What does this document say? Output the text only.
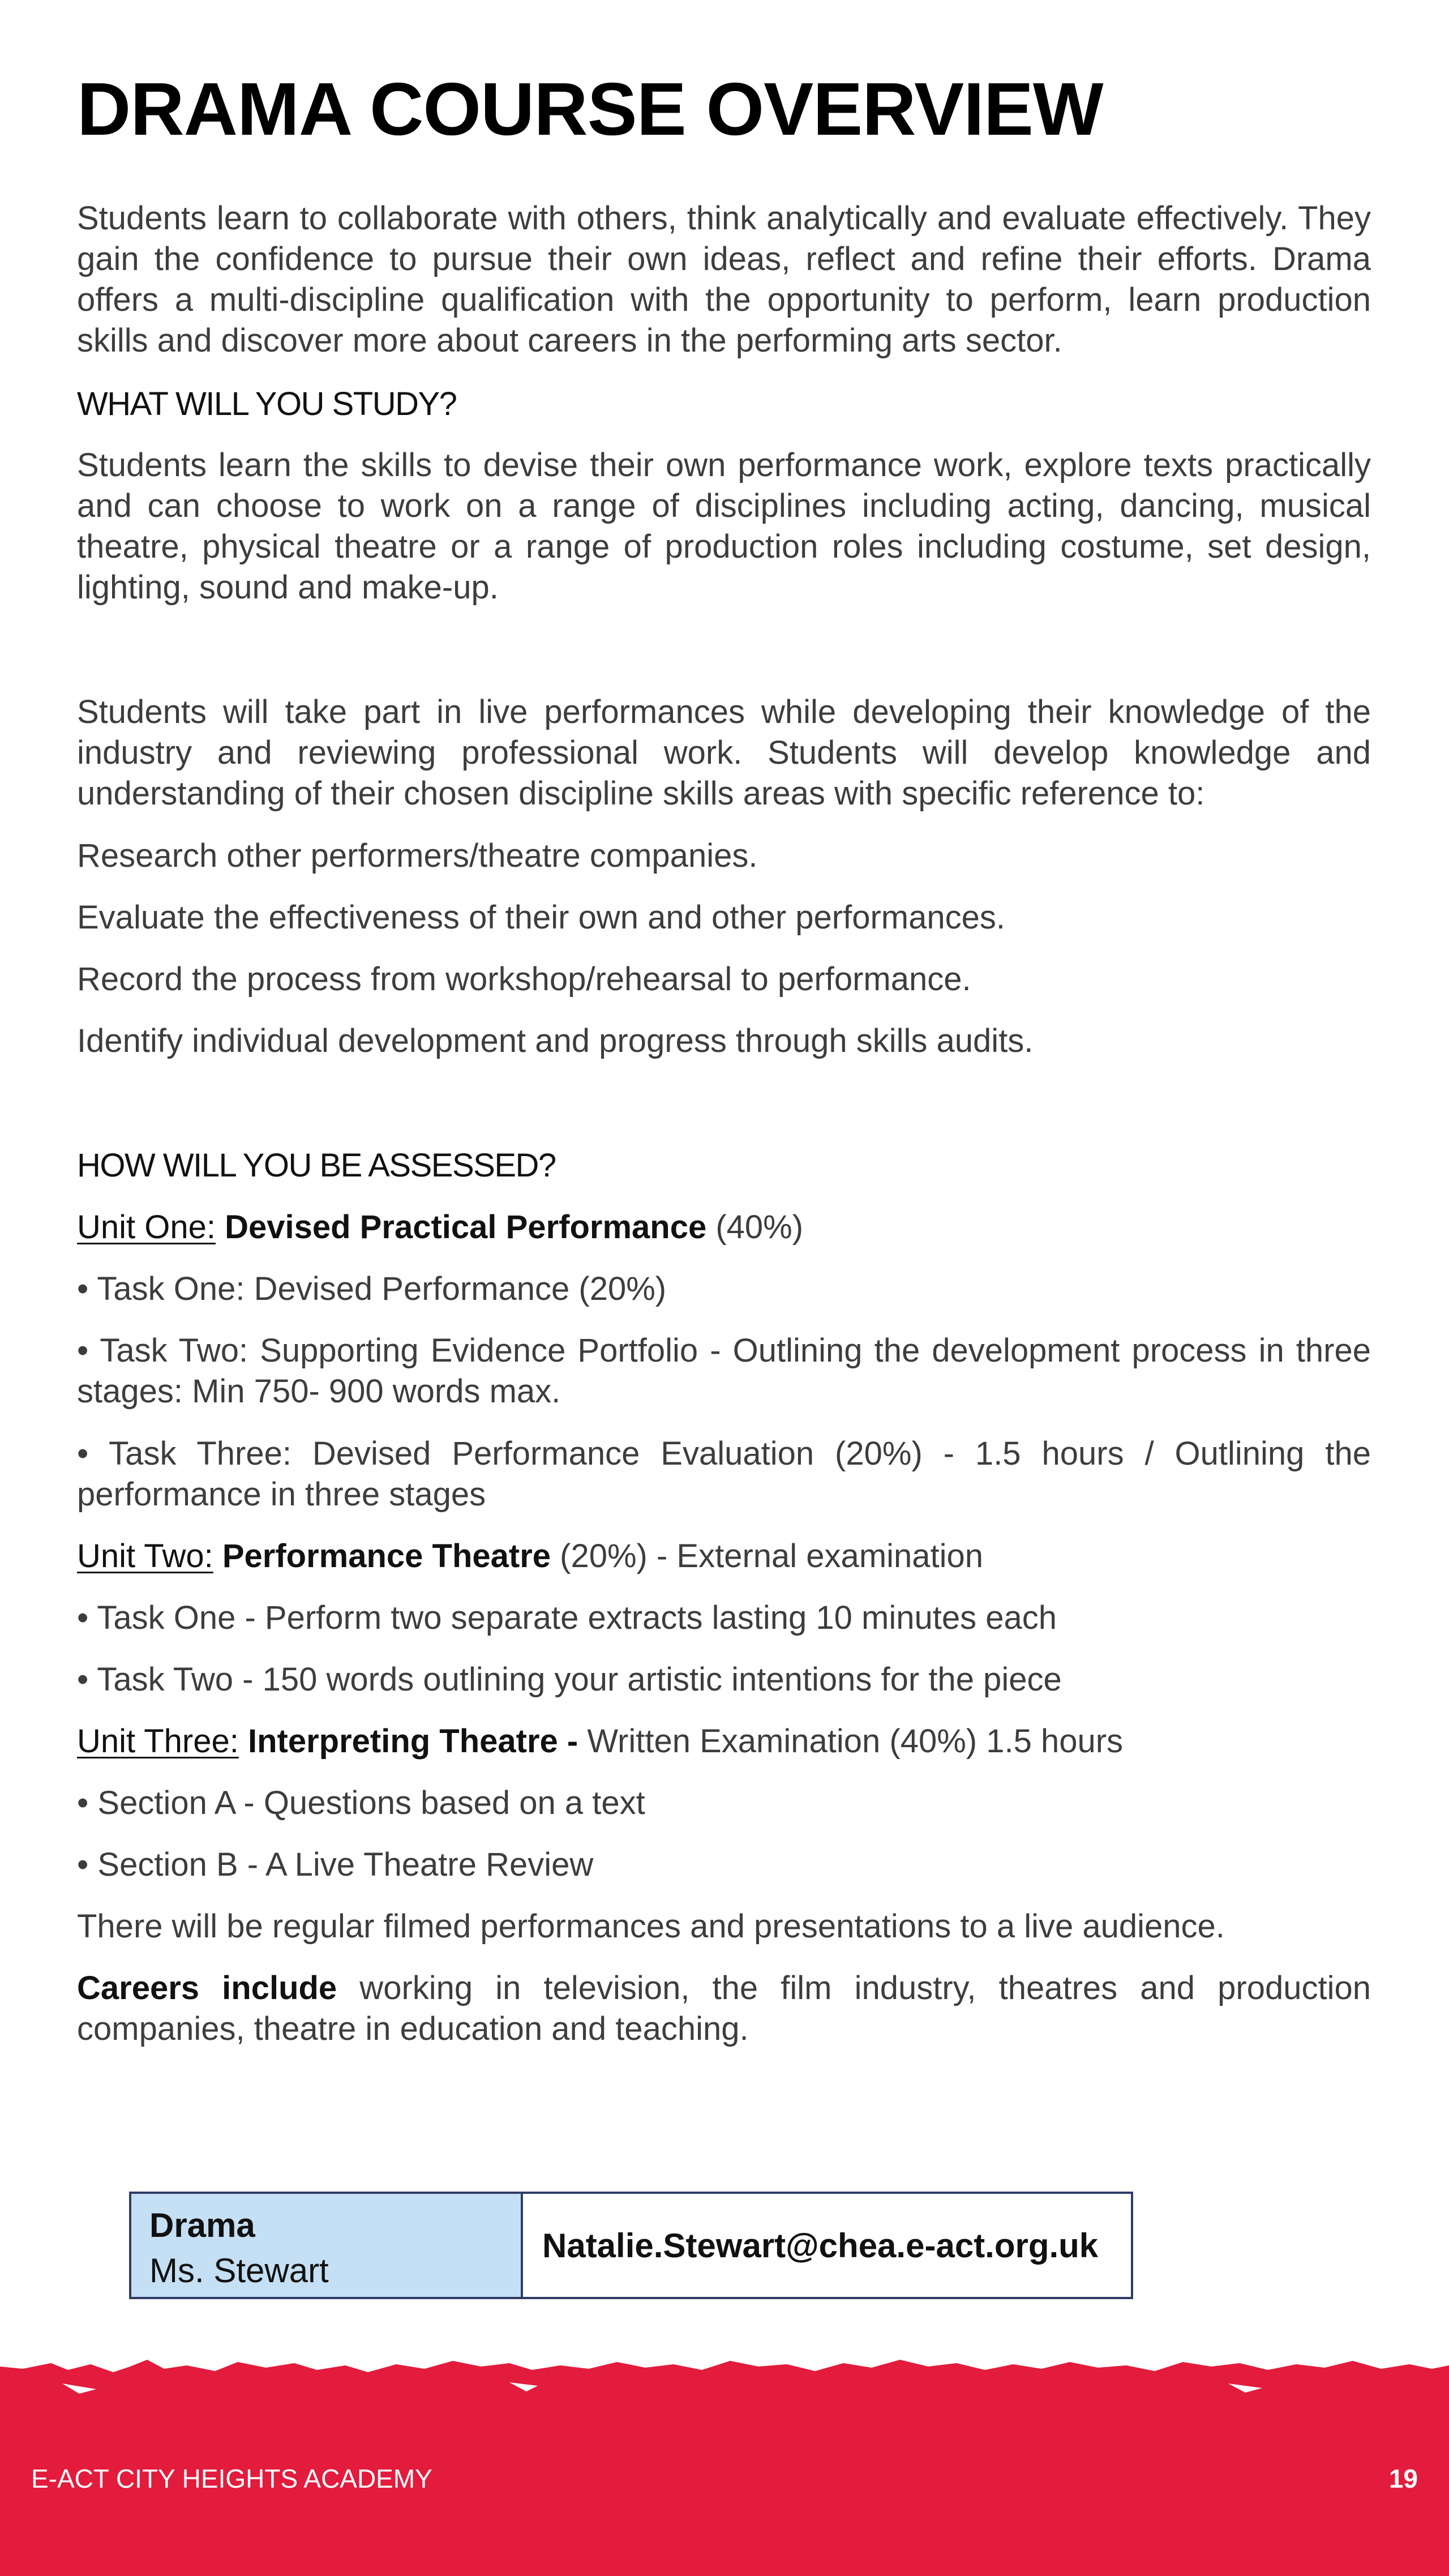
DRAMA COURSE OVERVIEW

Students learn to collaborate with others, think analytically and evaluate effectively. They gain the confidence to pursue their own ideas, reflect and refine their efforts. Drama offers a multi-discipline qualification with the opportunity to perform, learn production skills and discover more about careers in the performing arts sector.

WHAT WILL YOU STUDY?

Students learn the skills to devise their own performance work, explore texts practically and can choose to work on a range of disciplines including acting, dancing, musical theatre, physical theatre or a range of production roles including costume, set design, lighting, sound and make-up.

Students will take part in live performances while developing their knowledge of the industry and reviewing professional work. Students will develop knowledge and understanding of their chosen discipline skills areas with specific reference to:

Research other performers/theatre companies.
Evaluate the effectiveness of their own and other performances.
Record the process from workshop/rehearsal to performance.
Identify individual development and progress through skills audits.
HOW WILL YOU BE ASSESSED?
Unit One: Devised Practical Performance (40%)
• Task One: Devised Performance (20%)

• Task Two: Supporting Evidence Portfolio - Outlining the development process in three stages: Min 750- 900 words max.

• Task Three: Devised Performance Evaluation (20%) - 1.5 hours / Outlining the performance in three stages

Unit Two: Performance Theatre (20%) - External examination
• Task One - Perform two separate extracts lasting 10 minutes each
• Task Two - 150 words outlining your artistic intentions for the piece
Unit Three: Interpreting Theatre - Written Examination (40%) 1.5 hours
• Section A - Questions based on a text
• Section B - A Live Theatre Review
There will be regular filmed performances and presentations to a live audience.

Careers include working in television, the film industry, theatres and production companies, theatre in education and teaching.

Drama
Ms. Stewart
Natalie.Stewart@chea.e-act.org.uk
E-ACT CITY HEIGHTS ACADEMY	19
